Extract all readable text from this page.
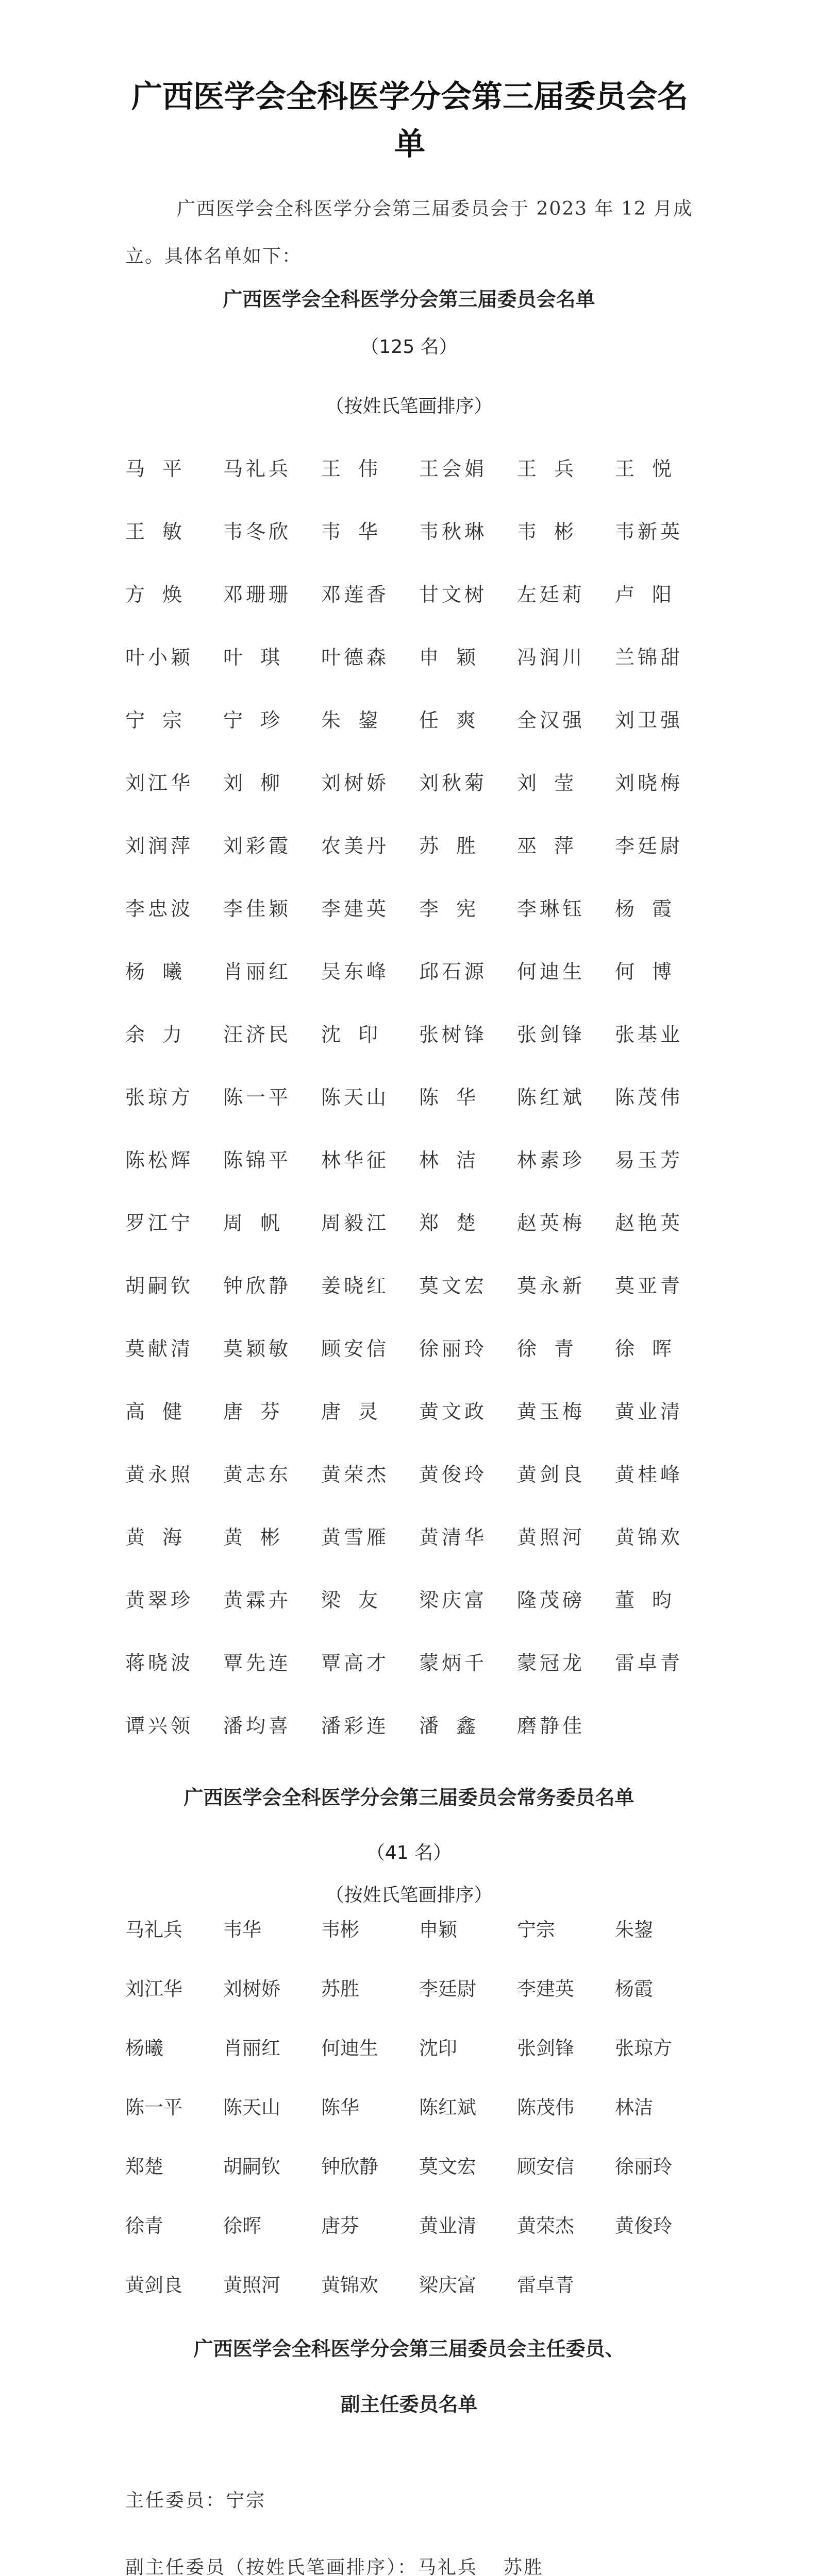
广西医学会全科医学分会第三届委员会名单
广西医学会全科医学分会第三届委员会于 2023 年 12 月成立。具体名单如下：
广西医学会全科医学分会第三届委员会名单
（125 名）
（按姓氏笔画排序）
马平	马礼兵	王伟	王会娟	王兵	王悦
王敏	韦冬欣	韦华	韦秋琳	韦彬	韦新英
方焕	邓珊珊	邓莲香	甘文树	左廷莉	卢阳
叶小颖	叶琪	叶德森	申颖	冯润川	兰锦甜
宁宗	宁珍	朱鋆	任爽	全汉强	刘卫强
刘江华	刘柳	刘树娇	刘秋菊	刘莹	刘晓梅
刘润萍	刘彩霞	农美丹	苏胜	巫萍	李廷尉
李忠波	李佳颖	李建英	李宪	李琳钰	杨霞
杨曦	肖丽红	吴东峰	邱石源	何迪生	何博
余力	汪济民	沈印	张树锋	张剑锋	张基业
张琼方	陈一平	陈天山	陈华	陈红斌	陈茂伟
陈松辉	陈锦平	林华征	林洁	林素珍	易玉芳
罗江宁	周帆	周毅江	郑楚	赵英梅	赵艳英
胡嗣钦	钟欣静	姜晓红	莫文宏	莫永新	莫亚青
莫献清	莫颖敏	顾安信	徐丽玲	徐青	徐晖
高健	唐芬	唐灵	黄文政	黄玉梅	黄业清
黄永照	黄志东	黄荣杰	黄俊玲	黄剑良	黄桂峰
黄海	黄彬	黄雪雁	黄清华	黄照河	黄锦欢
黄翠珍	黄霖卉	梁友	梁庆富	隆茂磅	董昀
蒋晓波	覃先连	覃高才	蒙炳千	蒙冠龙	雷卓青
谭兴领	潘均喜	潘彩连	潘鑫	磨静佳
广西医学会全科医学分会第三届委员会常务委员名单
（41 名）
（按姓氏笔画排序）
马礼兵	韦华	韦彬	申颖	宁宗	朱鋆
刘江华	刘树娇	苏胜	李廷尉	李建英	杨霞
杨曦	肖丽红	何迪生	沈印	张剑锋	张琼方
陈一平	陈天山	陈华	陈红斌	陈茂伟	林洁
郑楚	胡嗣钦	钟欣静	莫文宏	顾安信	徐丽玲
徐青	徐晖	唐芬	黄业清	黄荣杰	黄俊玲
黄剑良	黄照河	黄锦欢	梁庆富	雷卓青
广西医学会全科医学分会第三届委员会主任委员、
副主任委员名单
主任委员：宁宗
副主任委员（按姓氏笔画排序）：马礼兵 苏胜
